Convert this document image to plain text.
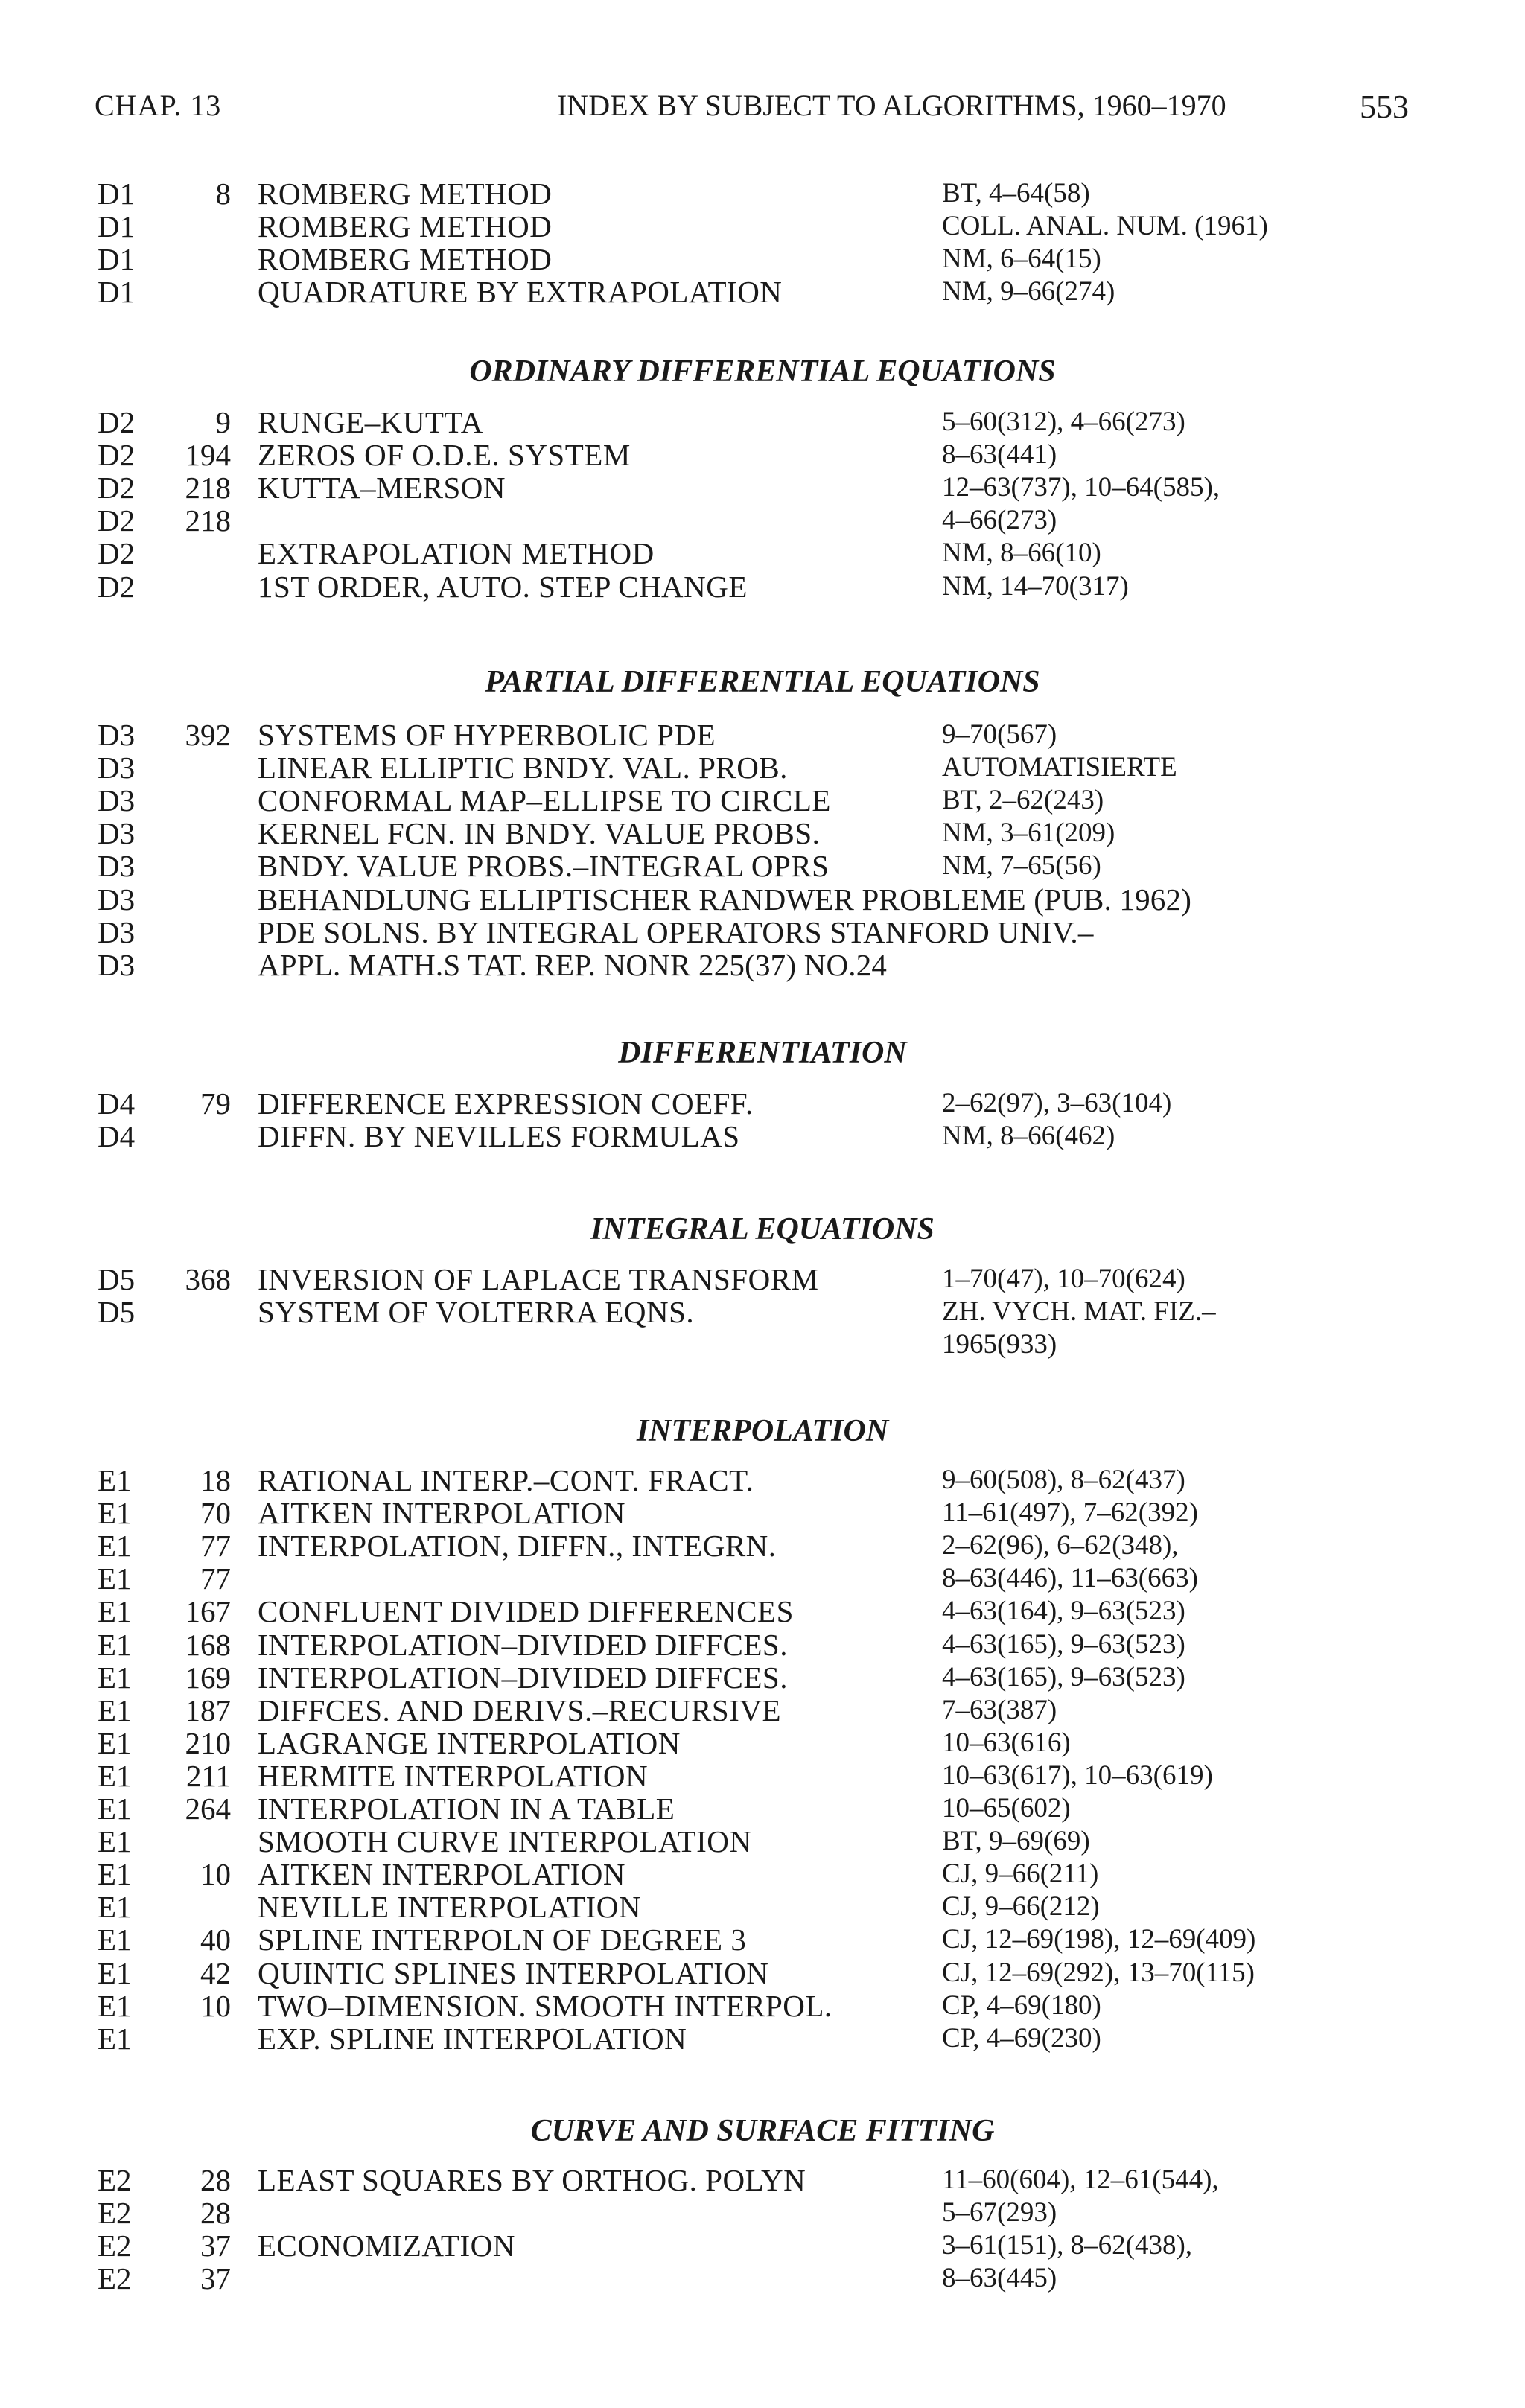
CHAP. 13	INDEX BY SUBJECT TO ALGORITHMS, 1960–1970	553
D1	8 ROMBERG METHOD	BT, 4–64(58)
D1	ROMBERG METHOD	COLL. ANAL. NUM. (1961)
D1	ROMBERG METHOD	NM, 6–64(15)
D1	QUADRATURE BY EXTRAPOLATION	NM, 9–66(274)
ORDINARY DIFFERENTIAL EQUATIONS
D2	9 RUNGE–KUTTA	5–60(312), 4–66(273)
D2 194 ZEROS OF O.D.E. SYSTEM	8–63(441)
D2 218 KUTTA–MERSON	12–63(737), 10–64(585),
D2 218	4–66(273)
D2	EXTRAPOLATION METHOD	NM, 8–66(10)
D2	1ST ORDER, AUTO. STEP CHANGE	NM, 14–70(317)
PARTIAL DIFFERENTIAL EQUATIONS
D3 392 SYSTEMS OF HYPERBOLIC PDE	9–70(567)
D3	LINEAR ELLIPTIC BNDY. VAL. PROB.	AUTOMATISIERTE
D3	CONFORMAL MAP–ELLIPSE TO CIRCLE	BT, 2–62(243)
D3	KERNEL FCN. IN BNDY. VALUE PROBS.	NM, 3–61(209)
D3	BNDY. VALUE PROBS.–INTEGRAL OPRS	NM, 7–65(56)
D3	BEHANDLUNG ELLIPTISCHER RANDWER PROBLEME (PUB. 1962)
D3	PDE SOLNS. BY INTEGRAL OPERATORS STANFORD UNIV.–
D3	APPL. MATH.S TAT. REP. NONR 225(37) NO.24
DIFFERENTIATION
D4 79 DIFFERENCE EXPRESSION COEFF.	2–62(97), 3–63(104)
D4	DIFFN. BY NEVILLES FORMULAS	NM, 8–66(462)
INTEGRAL EQUATIONS
D5 368 INVERSION OF LAPLACE TRANSFORM	1–70(47), 10–70(624)
D5	SYSTEM OF VOLTERRA EQNS.	ZH. VYCH. MAT. FIZ.–
1965(933)
INTERPOLATION
E1 18 RATIONAL INTERP.–CONT. FRACT.	9–60(508), 8–62(437)
E1 70 AITKEN INTERPOLATION	11–61(497), 7–62(392)
E1 77 INTERPOLATION, DIFFN., INTEGRN.	2–62(96), 6–62(348),
E1 77	8–63(446), 11–63(663)
E1 167 CONFLUENT DIVIDED DIFFERENCES	4–63(164), 9–63(523)
E1 168 INTERPOLATION–DIVIDED DIFFCES.	4–63(165), 9–63(523)
E1 169 INTERPOLATION–DIVIDED DIFFCES.	4–63(165), 9–63(523)
E1 187 DIFFCES. AND DERIVS.–RECURSIVE	7–63(387)
E1 210 LAGRANGE INTERPOLATION	10–63(616)
E1 211 HERMITE INTERPOLATION	10–63(617), 10–63(619)
E1 264 INTERPOLATION IN A TABLE	10–65(602)
E1	SMOOTH CURVE INTERPOLATION	BT, 9–69(69)
E1 10 AITKEN INTERPOLATION	CJ, 9–66(211)
E1	NEVILLE INTERPOLATION	CJ, 9–66(212)
E1 40 SPLINE INTERPOLN OF DEGREE 3	CJ, 12–69(198), 12–69(409)
E1 42 QUINTIC SPLINES INTERPOLATION	CJ, 12–69(292), 13–70(115)
E1 10 TWO–DIMENSION. SMOOTH INTERPOL.	CP, 4–69(180)
E1	EXP. SPLINE INTERPOLATION	CP, 4–69(230)
CURVE AND SURFACE FITTING
E2 28 LEAST SQUARES BY ORTHOG. POLYN	11–60(604), 12–61(544),
E2 28	5–67(293)
E2 37 ECONOMIZATION	3–61(151), 8–62(438),
E2 37	8–63(445)
